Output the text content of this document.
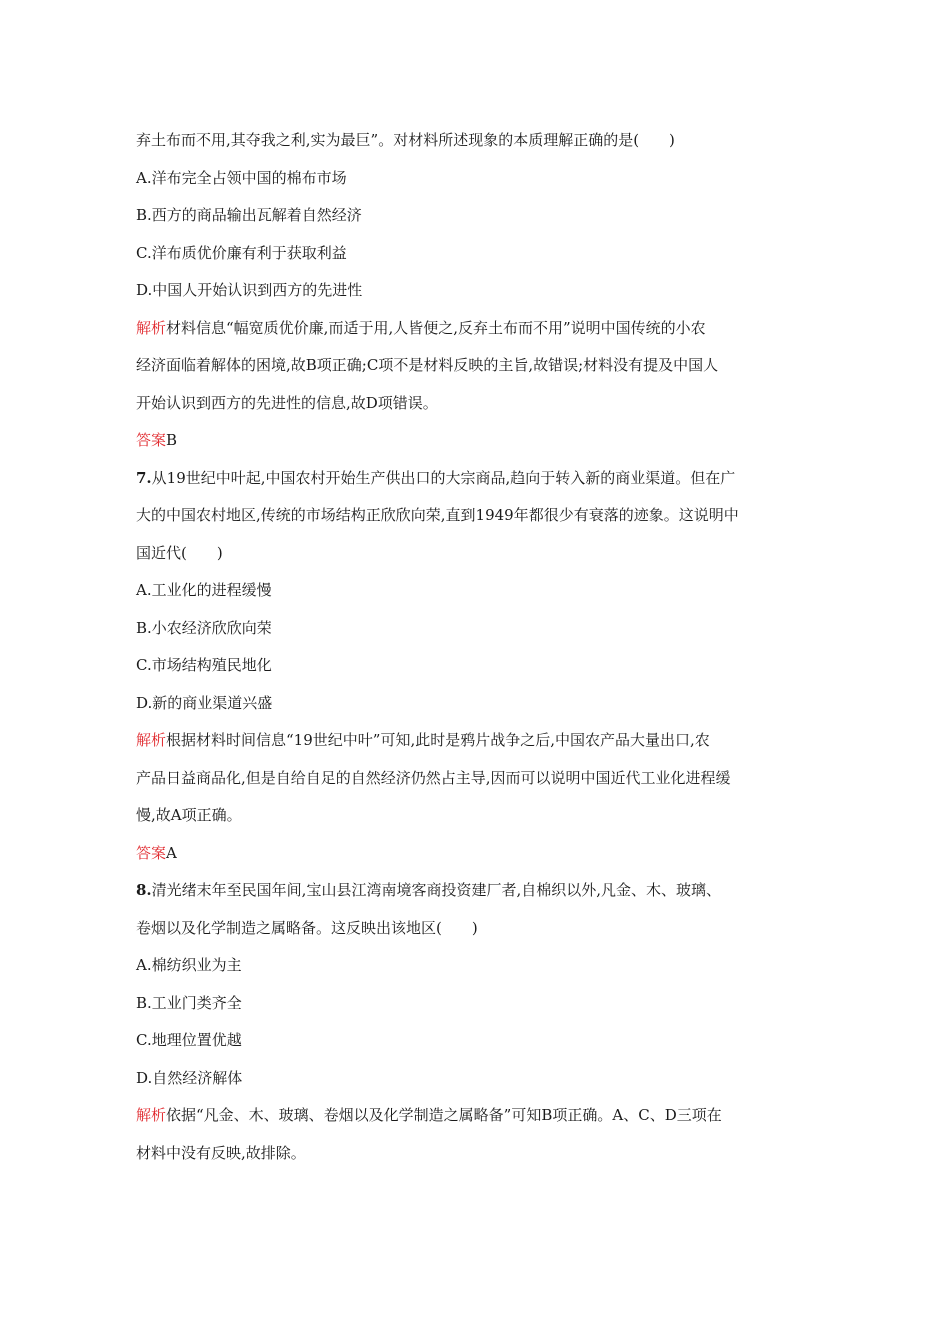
弃土布而不用,其夺我之利,实为最巨”。对材料所述现象的本质理解正确的是(　　)
A.洋布完全占领中国的棉布市场
B.西方的商品输出瓦解着自然经济
C.洋布质优价廉有利于获取利益
D.中国人开始认识到西方的先进性
解析材料信息“幅宽质优价廉,而适于用,人皆便之,反弃土布而不用”说明中国传统的小农
经济面临着解体的困境,故B项正确;C项不是材料反映的主旨,故错误;材料没有提及中国人
开始认识到西方的先进性的信息,故D项错误。
答案B
7.从19世纪中叶起,中国农村开始生产供出口的大宗商品,趋向于转入新的商业渠道。但在广
大的中国农村地区,传统的市场结构正欣欣向荣,直到1949年都很少有衰落的迹象。这说明中
国近代(　　)
A.工业化的进程缓慢
B.小农经济欣欣向荣
C.市场结构殖民地化
D.新的商业渠道兴盛
解析根据材料时间信息“19世纪中叶”可知,此时是鸦片战争之后,中国农产品大量出口,农
产品日益商品化,但是自给自足的自然经济仍然占主导,因而可以说明中国近代工业化进程缓
慢,故A项正确。
答案A
8.清光绪末年至民国年间,宝山县江湾南境客商投资建厂者,自棉织以外,凡金、木、玻璃、
卷烟以及化学制造之属略备。这反映出该地区(　　)
A.棉纺织业为主
B.工业门类齐全
C.地理位置优越
D.自然经济解体
解析依据“凡金、木、玻璃、卷烟以及化学制造之属略备”可知B项正确。A、C、D三项在
材料中没有反映,故排除。
